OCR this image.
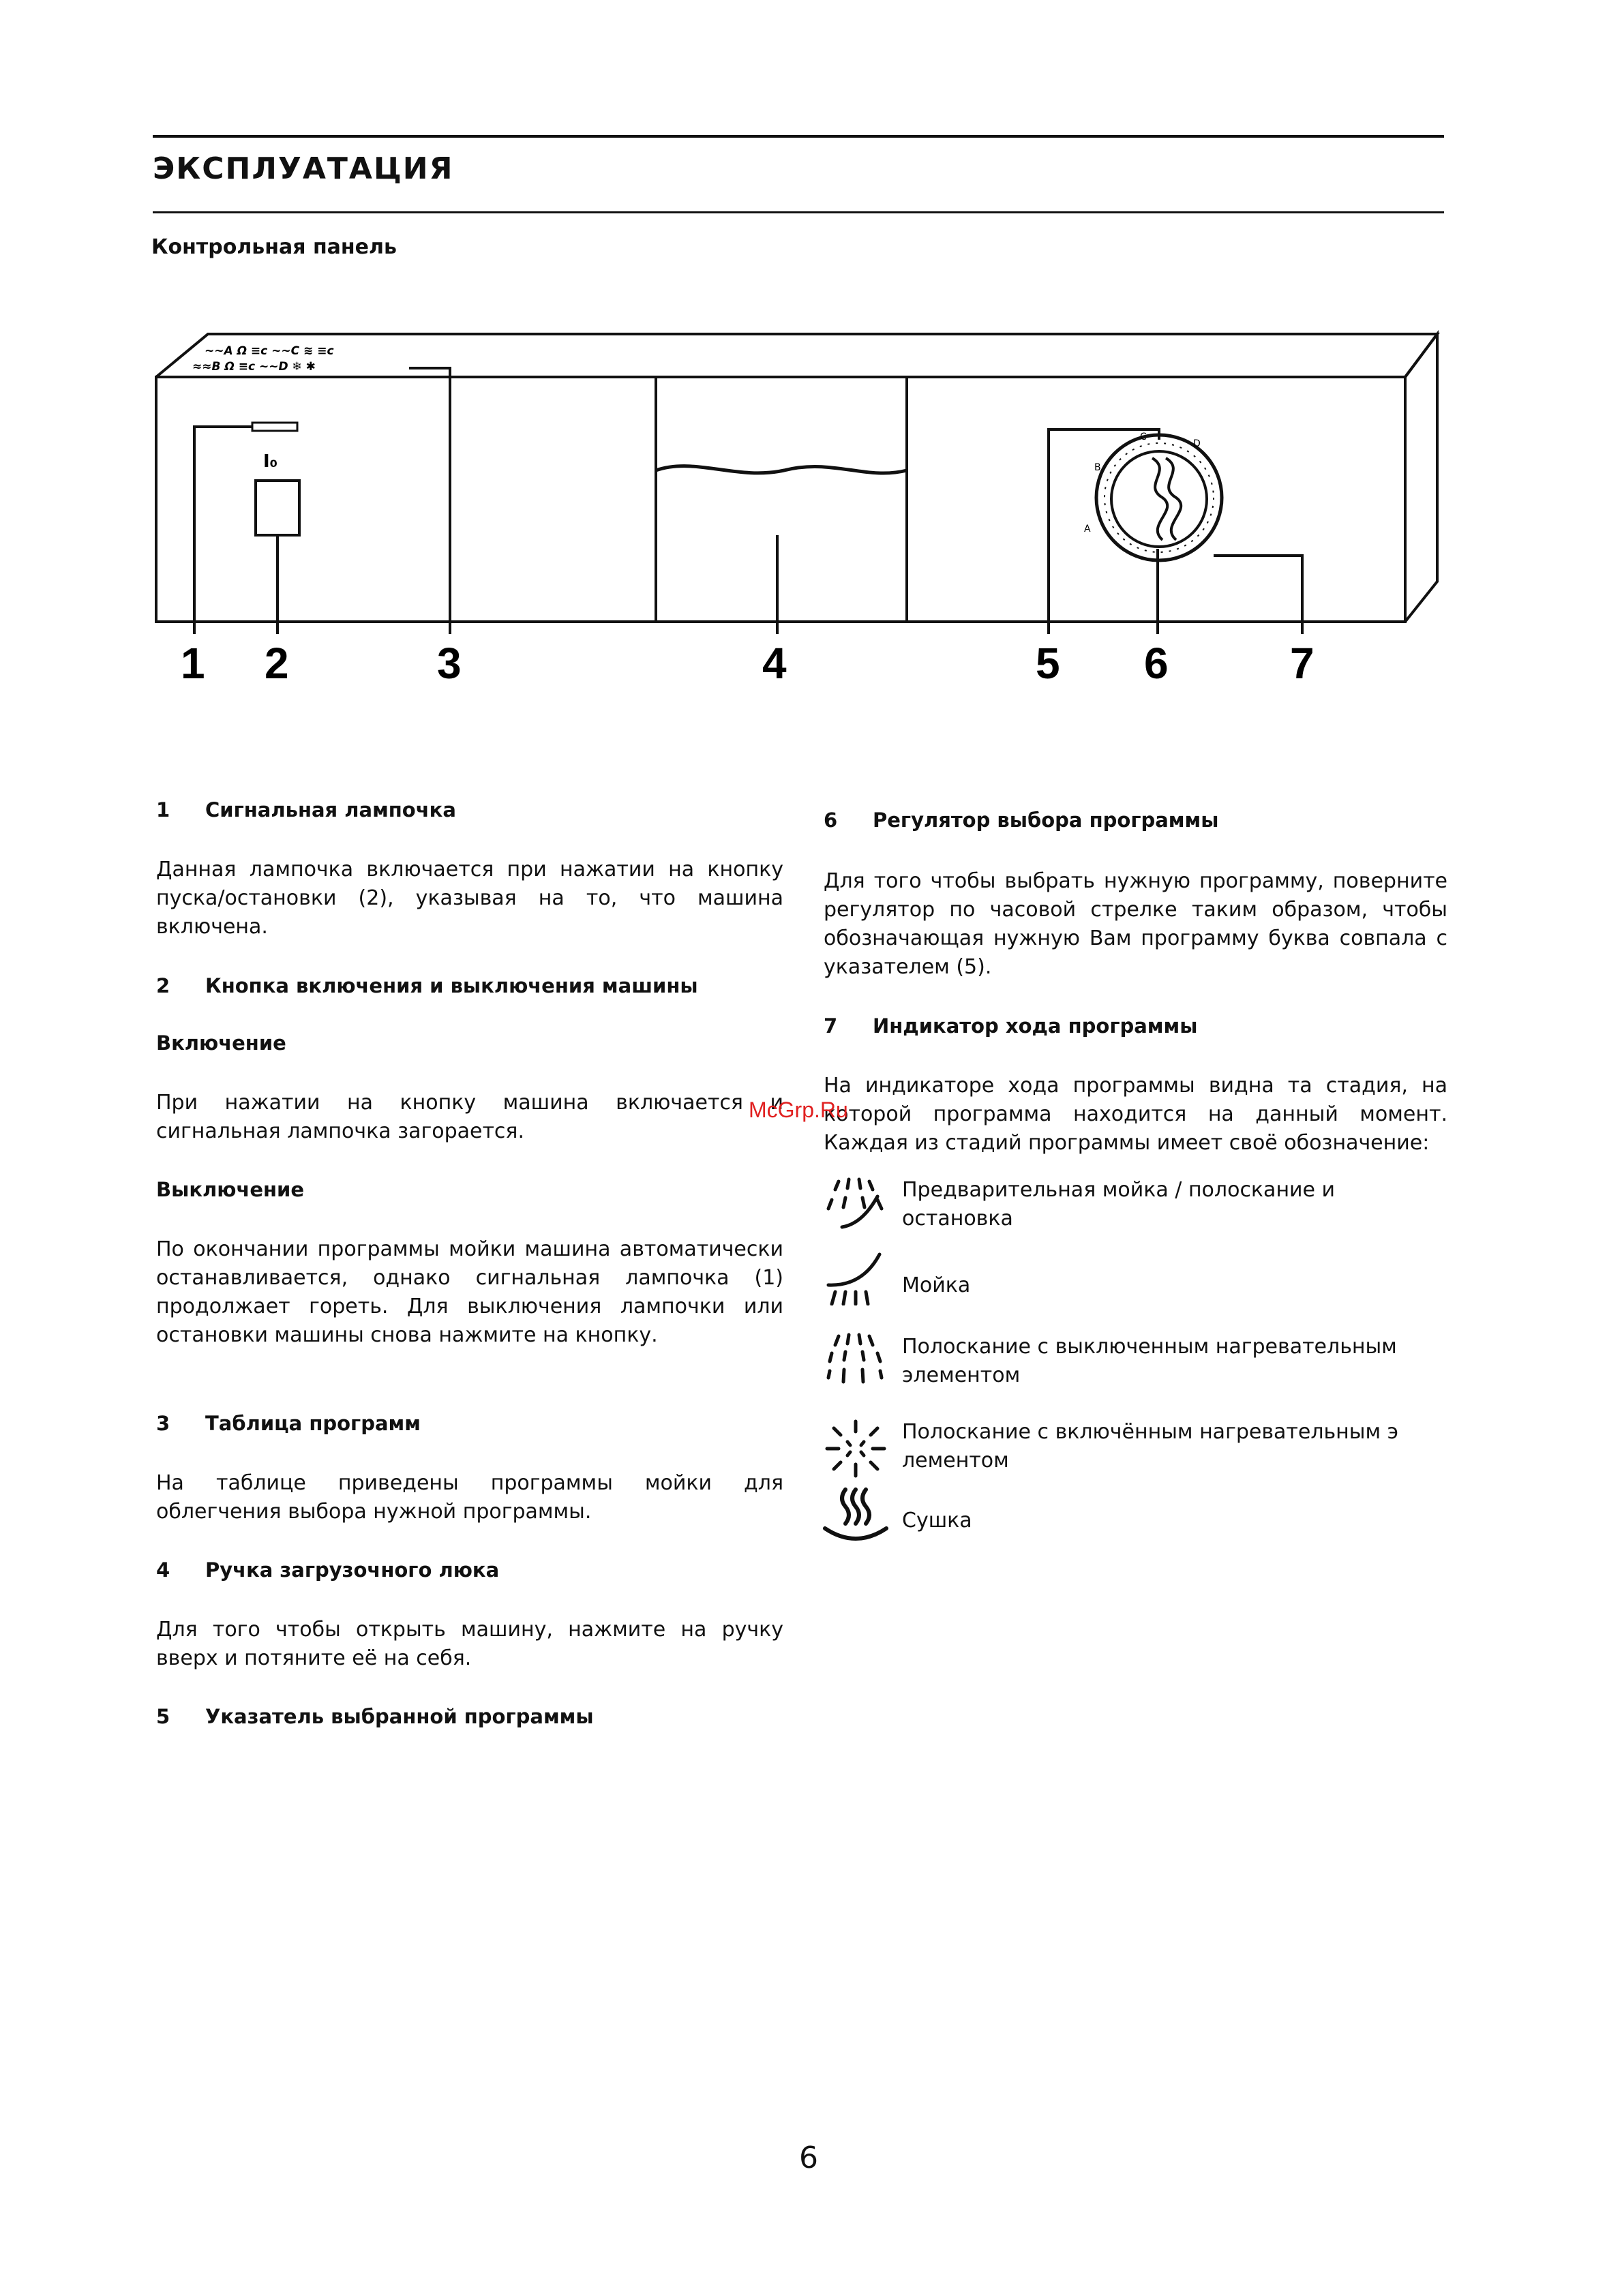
ЭКСПЛУАТАЦИЯ
Контрольная панель
I₀
∼∼A Ω ≡c ∼∼C ≋ ≡c
≈≈B Ω ≡c ∼∼D ❄ ✱
A
B
C
D
1 2	3	4	5 6	7
1	Сигнальная лампочка

Данная лампочка включается при нажатии на кнопку пуска/остановки (2), указывая на то, что машина включена.

2	Кнопка включения и выключения машины

Включение

При нажатии на кнопку машина включается и сигнальная лампочка загорается.

Выключение

По окончании программы мойки машина автоматически останавливается, однако сигнальная лампочка (1) продолжает гореть. Для выключения лампочки или остановки машины снова нажмите на кнопку.

3	Таблица программ

На таблице приведены программы мойки для облегчения выбора нужной программы.

4	Ручка загрузочного люка

Для того чтобы открыть машину, нажмите на ручку вверх и потяните её на себя.

5	Указатель выбранной программы
6	Регулятор выбора программы

Для того чтобы выбрать нужную программу, поверните регулятор по часовой стрелке таким образом, чтобы обозначающая нужную Вам программу буква совпала с указателем (5).

7	Индикатор хода программы

На индикаторе хода программы видна та стадия, на которой программа находится на данный момент. Каждая из стадий программы имеет своё обозначение:

Предварительная мойка / полоскание и остановка
Мойка
Полоскание с выключенным нагревательным элементом
Полоскание с включённым нагревательным э лементом
Сушка
McGrp.Ru
6
